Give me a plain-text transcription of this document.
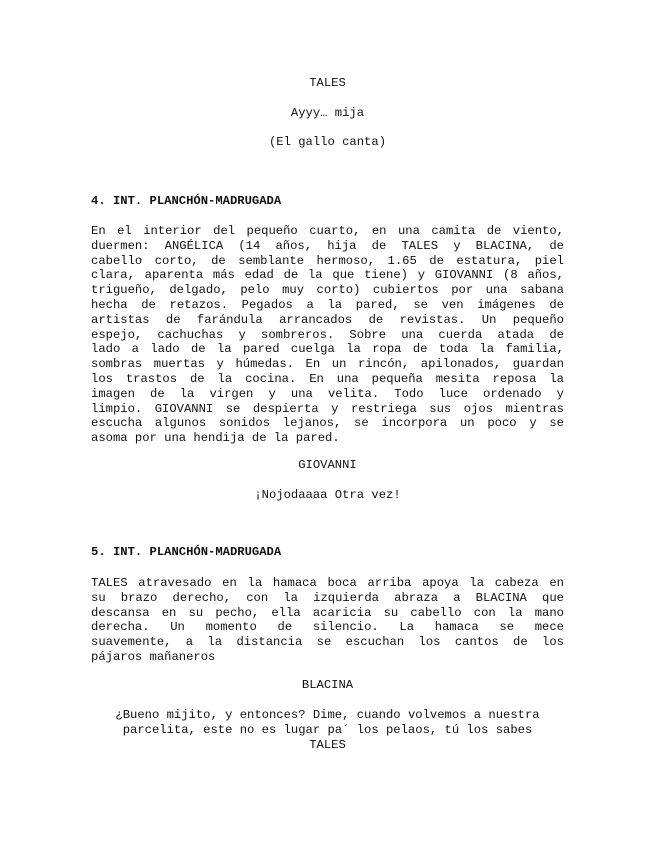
TALES
Ayyy… mija
(El gallo canta)
4. INT. PLANCHÓN-MADRUGADA
En el interior del pequeño cuarto, en una camita de viento,
duermen: ANGÉLICA (14 años, hija de TALES y BLACINA, de
cabello corto, de semblante hermoso, 1.65 de estatura, piel
clara, aparenta más edad de la que tiene) y GIOVANNI (8 años,
trigueño, delgado, pelo muy corto) cubiertos por una sabana
hecha de retazos. Pegados a la pared, se ven imágenes de
artistas de farándula arrancados de revistas. Un pequeño
espejo, cachuchas y sombreros. Sobre una cuerda atada de
lado a lado de la pared cuelga la ropa de toda la familia,
sombras muertas y húmedas. En un rincón, apilonados, guardan
los trastos de la cocina. En una pequeña mesita reposa la
imagen de la virgen y una velita. Todo luce ordenado y
limpio. GIOVANNI se despierta y restriega sus ojos mientras
escucha algunos sonidos lejanos, se incorpora un poco y se
asoma por una hendija de la pared.
GIOVANNI
¡Nojodaaaa Otra vez!
5. INT. PLANCHÓN-MADRUGADA
TALES atravesado en la hamaca boca arriba apoya la cabeza en
su brazo derecho, con la izquierda abraza a BLACINA que
descansa en su pecho, ella acaricia su cabello con la mano
derecha. Un momento de silencio. La hamaca se mece
suavemente, a la distancia se escuchan los cantos de los
pájaros mañaneros
BLACINA
¿Bueno mijito, y entonces? Dime, cuando volvemos a nuestra
parcelita, este no es lugar pa´ los pelaos, tú los sabes
TALES
